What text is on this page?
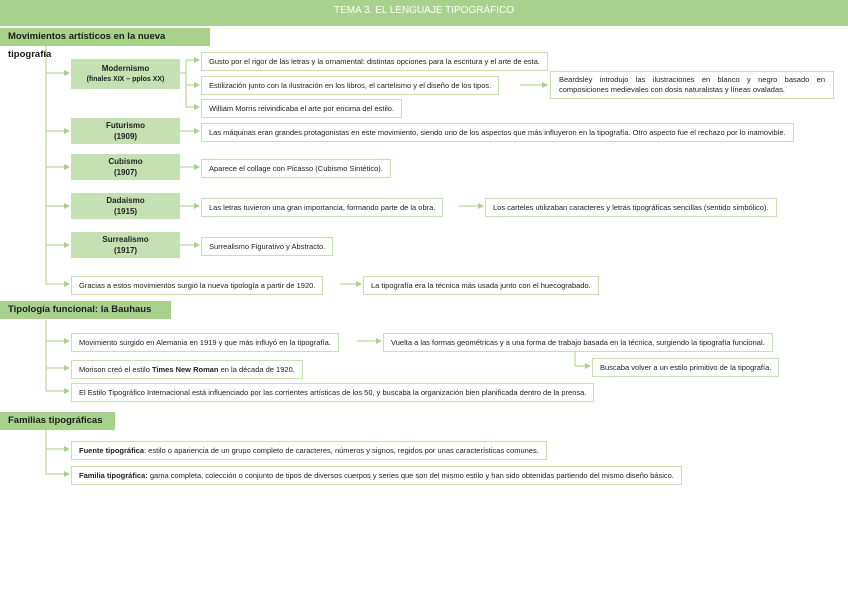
TEMA 3. EL LENGUAJE TIPOGRÁFICO
Movimientos artísticos en la nueva tipografía
Modernismo
(finales XIX – pplos XX)
Gusto por el rigor de las letras y la ornamental: distintas opciones para la escritura y el arte de esta.
Estilización junto con la ilustración en los libros, el cartelismo y el diseño de los tipos.
William Morris reivindicaba el arte por encima del estilo.
Beardsley introdujo las ilustraciones en blanco y negro basado en composiciones medievales con dosis naturalistas y líneas ovaladas.
Futurismo
(1909)	Las máquinas eran grandes protagonistas en este movimiento, siendo uno de los aspectos que más influyeron en la tipografía. Otro aspecto fue el rechazo por lo inamovible.
Cubismo
(1907)	Aparece el collage con Picasso (Cubismo Sintético).
Dadaismo
(1915)	Las letras tuvieron una gran importancia, formando parte de la obra.	Los carteles utilizaban caracteres y letras tipográficas sencillas (sentido simbólico).
Surrealismo
(1917)	Surrealismo Figurativo y Abstracto.
Gracias a estos movimientos surgió la nueva tipología a partir de 1920.	La tipografía era la técnica más usada junto con el huecograbado.
Tipología funcional: la Bauhaus
Movimiento surgido en Alemania en 1919 y que más influyó en la tipografía.	Vuelta a las formas geométricas y a una forma de trabajo basada en la técnica, surgiendo la tipografía funcional.
Buscaba volver a un estilo primitivo de la tipografía.
Morison creó el estilo Times New Roman en la década de 1920.
El Estilo Tipográfico Internacional está influenciado por las corrientes artísticas de los 50, y buscaba la organización bien planificada dentro de la prensa.
Familias tipográficas
Fuente tipográfica: estilo o apariencia de un grupo completo de caracteres, números y signos, regidos por unas características comunes.
Familia tipográfica: gama completa, colección o conjunto de tipos de diversos cuerpos y series que son del mismo estilo y han sido obtenidas partiendo del mismo diseño básico.
